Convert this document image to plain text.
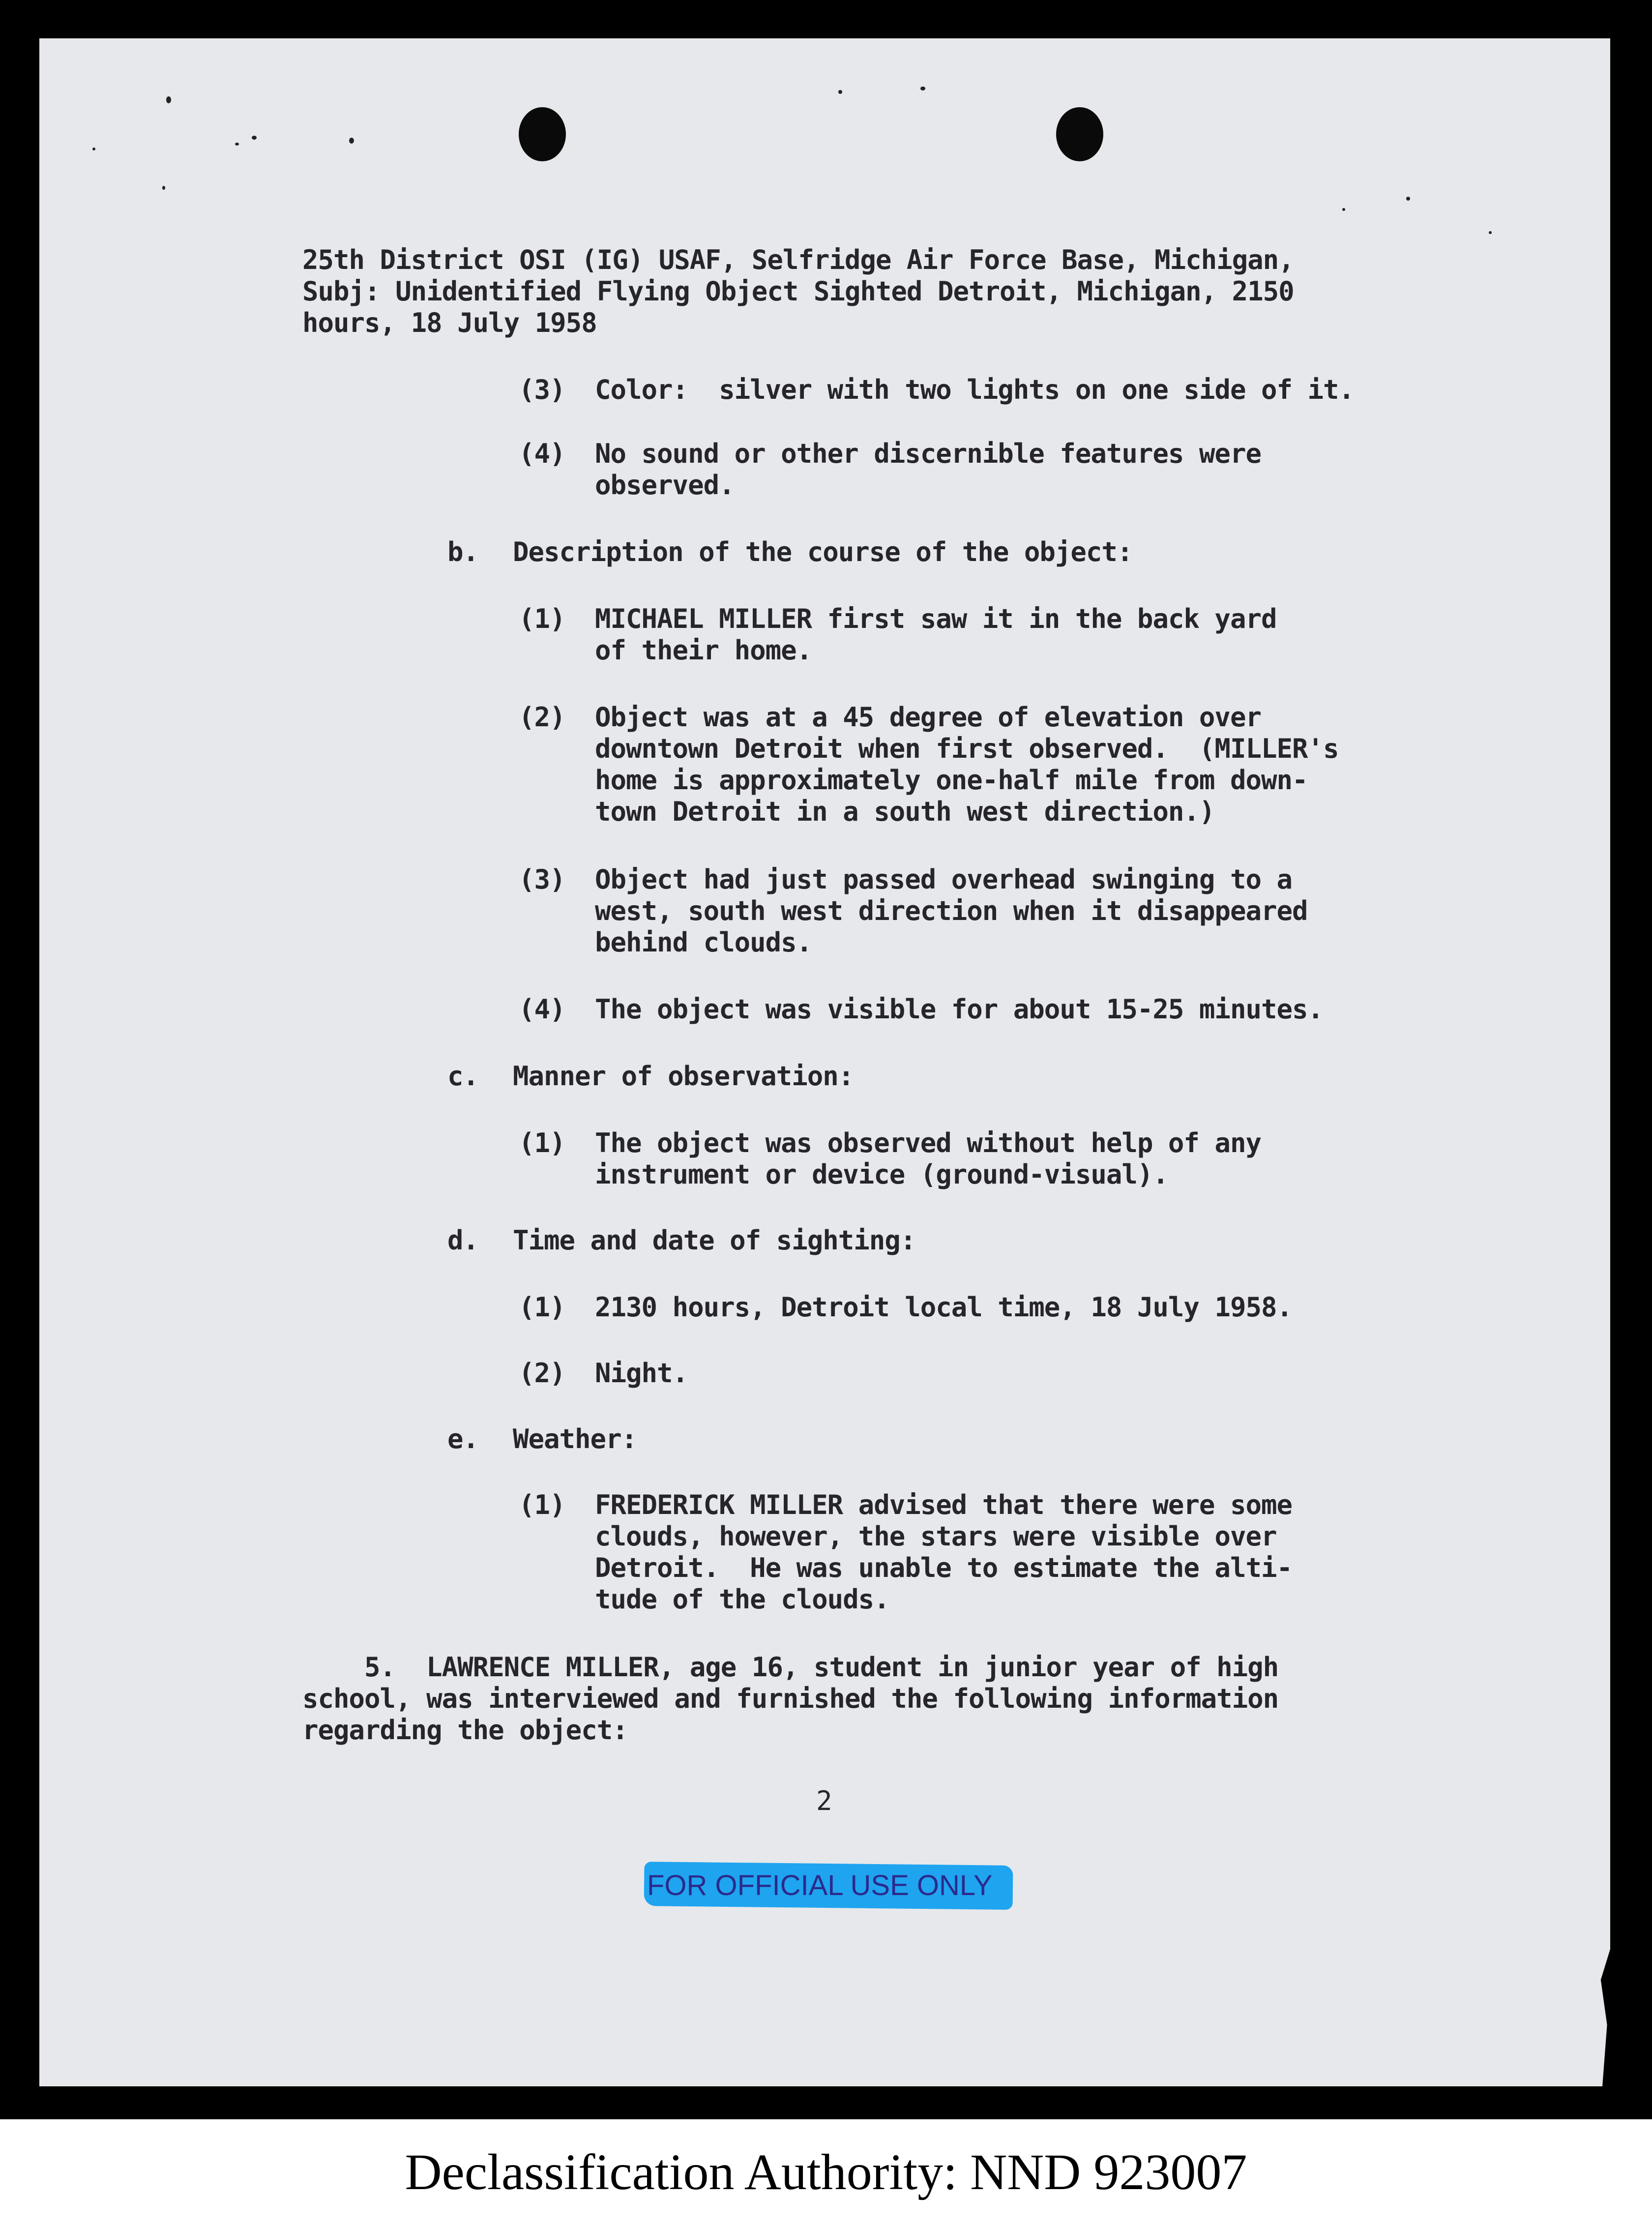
25th District OSI (IG) USAF, Selfridge Air Force Base, Michigan,

Subj: Unidentified Flying Object Sighted Detroit, Michigan, 2150

hours, 18 July 1958

(3) Color:  silver with two lights on one side of it.

(4) No sound or other discernible features were

observed.

b. Description of the course of the object:

(1) MICHAEL MILLER first saw it in the back yard

of their home.

(2) Object was at a 45 degree of elevation over

downtown Detroit when first observed.  (MILLER's

home is approximately one-half mile from down-

town Detroit in a south west direction.)

(3) Object had just passed overhead swinging to a

west, south west direction when it disappeared

behind clouds.

(4) The object was visible for about 15-25 minutes.

c. Manner of observation:

(1) The object was observed without help of any

instrument or device (ground-visual).

d. Time and date of sighting:

(1) 2130 hours, Detroit local time, 18 July 1958.

(2) Night.

e. Weather:

(1) FREDERICK MILLER advised that there were some

clouds, however, the stars were visible over

Detroit.  He was unable to estimate the alti-

tude of the clouds.

5.  LAWRENCE MILLER, age 16, student in junior year of high

school, was interviewed and furnished the following information

regarding the object:

2

FOR OFFICIAL USE ONLY

Declassification Authority: NND 923007
